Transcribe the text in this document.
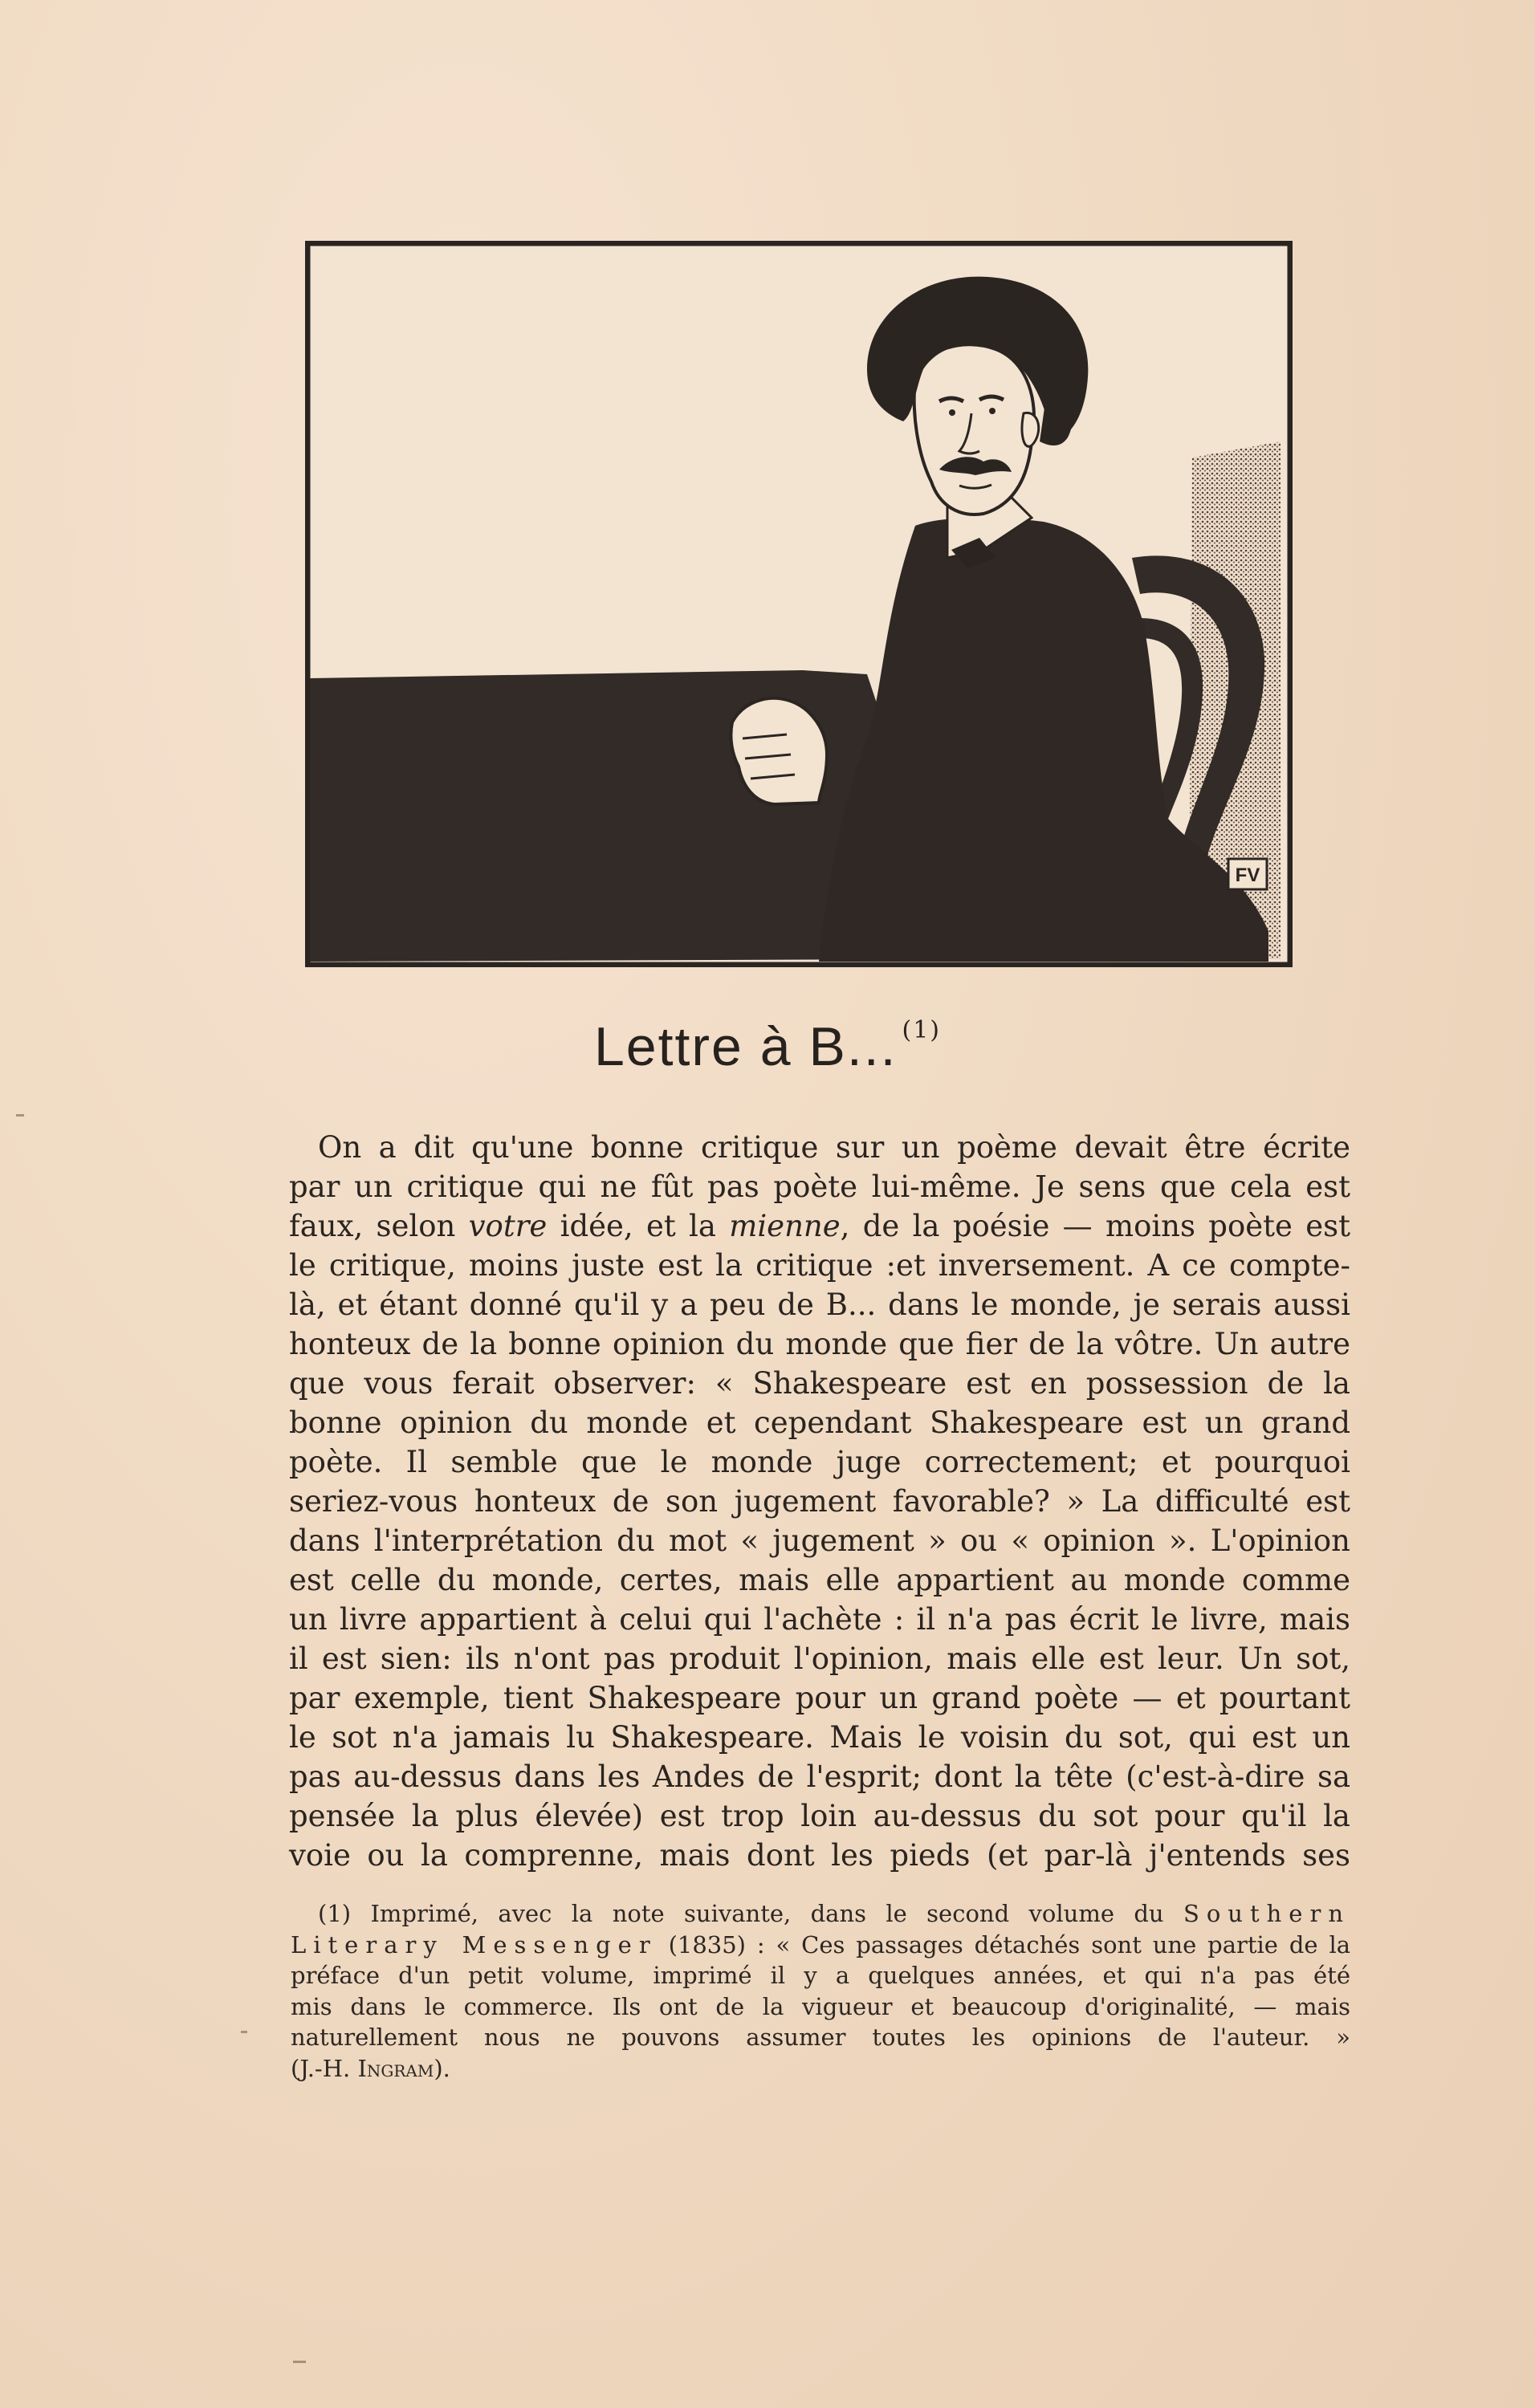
FV
Lettre à B... $^{(1)}$
On a dit qu'une bonne critique sur un poème devait être écrite
par un critique qui ne fût pas poète lui-même. Je sens que cela est
faux, selon votre idée, et la mienne, de la poésie — moins poète est
le critique, moins juste est la critique :et inversement. A ce compte-
là, et étant donné qu'il y a peu de B... dans le monde, je serais aussi
honteux de la bonne opinion du monde que fier de la vôtre. Un autre
que vous ferait observer: « Shakespeare est en possession de la
bonne opinion du monde et cependant Shakespeare est un grand
poète. Il semble que le monde juge correctement; et pourquoi
seriez-vous honteux de son jugement favorable? » La difficulté est
dans l'interprétation du mot « jugement » ou « opinion ». L'opinion
est celle du monde, certes, mais elle appartient au monde comme
un livre appartient à celui qui l'achète : il n'a pas écrit le livre, mais
il est sien: ils n'ont pas produit l'opinion, mais elle est leur. Un sot,
par exemple, tient Shakespeare pour un grand poète — et pourtant
le sot n'a jamais lu Shakespeare. Mais le voisin du sot, qui est un
pas au-dessus dans les Andes de l'esprit; dont la tête (c'est-à-dire sa
pensée la plus élevée) est trop loin au-dessus du sot pour qu'il la
voie ou la comprenne, mais dont les pieds (et par-là j'entends ses
(1) Imprimé, avec la note suivante, dans le second volume du Southern
Literary Messenger (1835) : « Ces passages détachés sont une partie de la
préface d'un petit volume, imprimé il y a quelques années, et qui n'a pas été
mis dans le commerce. Ils ont de la vigueur et beaucoup d'originalité, — mais
naturellement nous ne pouvons assumer toutes les opinions de l'auteur. »
(J.-H. Ingram).
